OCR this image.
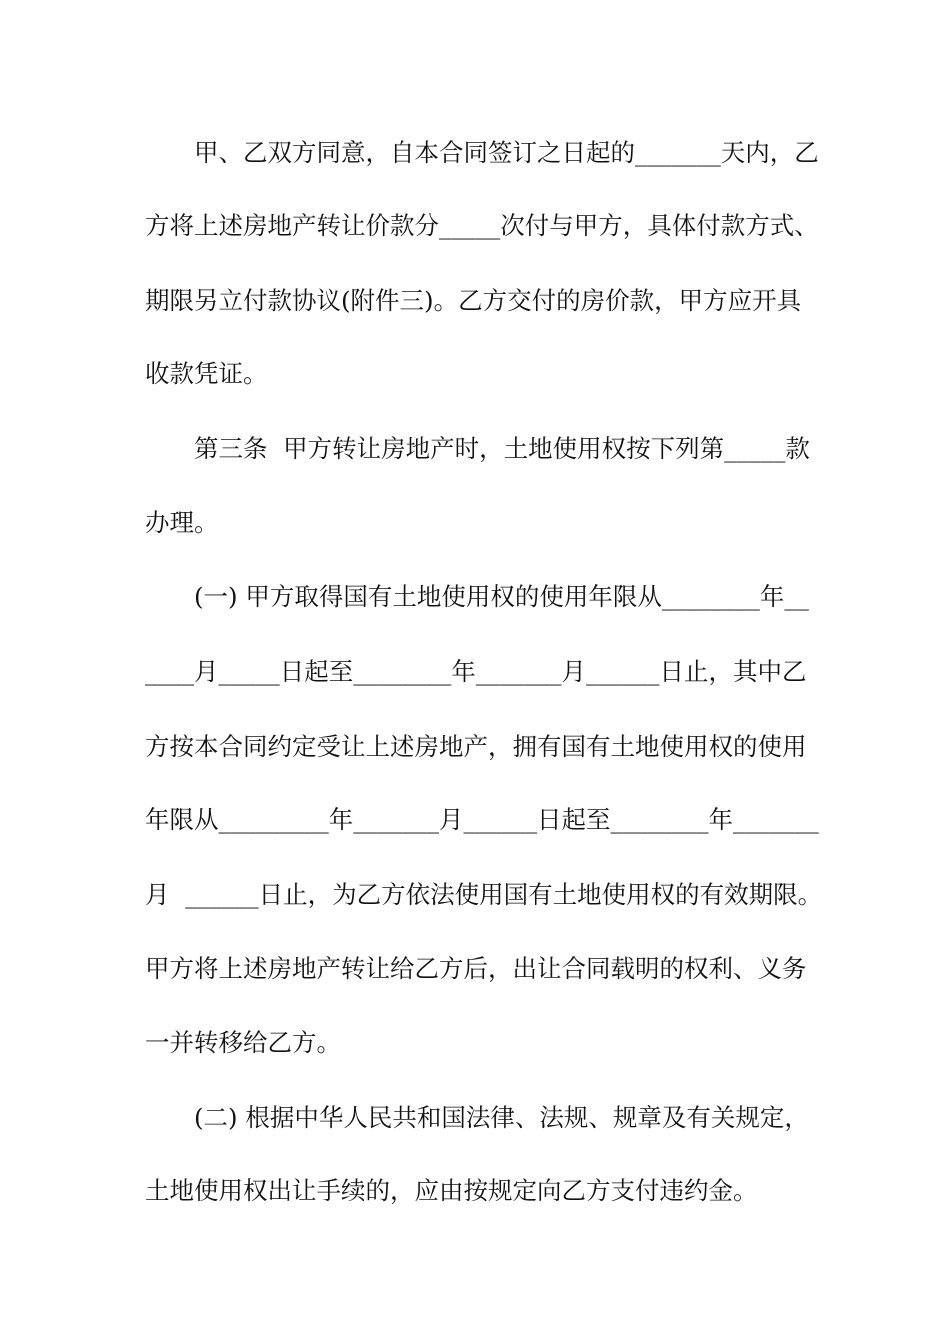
　　甲、乙双方同意，自本合同签订之日起的_______天内，乙
方将上述房地产转让价款分_____次付与甲方，具体付款方式、
期限另立付款协议(附件三)。乙方交付的房价款，甲方应开具
收款凭证。
　　第三条  甲方转让房地产时，土地使用权按下列第_____款
办理。
　　(一) 甲方取得国有土地使用权的使用年限从________年__
____月_____日起至________年_______月______日止，其中乙
方按本合同约定受让上述房地产，拥有国有土地使用权的使用
年限从_________年_______月______日起至________年_______
月  ______日止，为乙方依法使用国有土地使用权的有效期限。
甲方将上述房地产转让给乙方后，出让合同载明的权利、义务
一并转移给乙方。
　　(二) 根据中华人民共和国法律、法规、规章及有关规定，
土地使用权出让手续的，应由按规定向乙方支付违约金。
